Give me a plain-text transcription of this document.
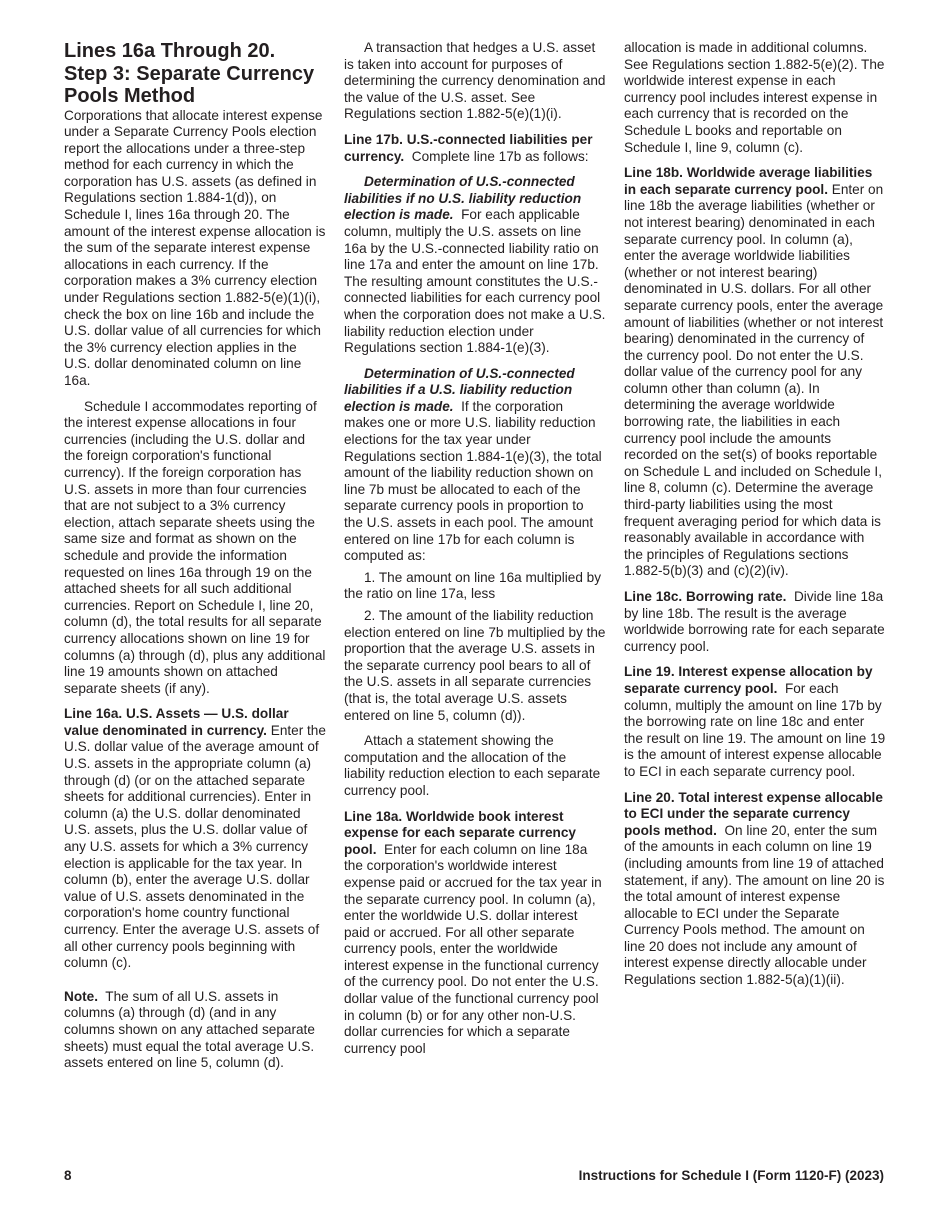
Lines 16a Through 20.
Step 3: Separate Currency Pools Method

Corporations that allocate interest expense under a Separate Currency Pools election report the allocations under a three-step method for each currency in which the corporation has U.S. assets (as defined in Regulations section 1.884-1(d)), on Schedule I, lines 16a through 20. The amount of the interest expense allocation is the sum of the separate interest expense allocations in each currency. If the corporation makes a 3% currency election under Regulations section 1.882-5(e)(1)(i), check the box on line 16b and include the U.S. dollar value of all currencies for which the 3% currency election applies in the U.S. dollar denominated column on line 16a.

Schedule I accommodates reporting of the interest expense allocations in four currencies (including the U.S. dollar and the foreign corporation's functional currency). If the foreign corporation has U.S. assets in more than four currencies that are not subject to a 3% currency election, attach separate sheets using the same size and format as shown on the schedule and provide the information requested on lines 16a through 19 on the attached sheets for all such additional currencies. Report on Schedule I, line 20, column (d), the total results for all separate currency allocations shown on line 19 for columns (a) through (d), plus any additional line 19 amounts shown on attached separate sheets (if any).

Line 16a. U.S. Assets — U.S. dollar value denominated in currency. Enter the U.S. dollar value of the average amount of U.S. assets in the appropriate column (a) through (d) (or on the attached separate sheets for additional currencies). Enter in column (a) the U.S. dollar denominated U.S. assets, plus the U.S. dollar value of any U.S. assets for which a 3% currency election is applicable for the tax year. In column (b), enter the average U.S. dollar value of U.S. assets denominated in the corporation's home country functional currency. Enter the average U.S. assets of all other currency pools beginning with column (c).

Note. The sum of all U.S. assets in columns (a) through (d) (and in any columns shown on any attached separate sheets) must equal the total average U.S. assets entered on line 5, column (d).

A transaction that hedges a U.S. asset is taken into account for purposes of determining the currency denomination and the value of the U.S. asset. See Regulations section 1.882-5(e)(1)(i).

Line 17b. U.S.-connected liabilities per currency. Complete line 17b as follows:

Determination of U.S.-connected liabilities if no U.S. liability reduction election is made. For each applicable column, multiply the U.S. assets on line 16a by the U.S.-connected liability ratio on line 17a and enter the amount on line 17b. The resulting amount constitutes the U.S.-connected liabilities for each currency pool when the corporation does not make a U.S. liability reduction election under Regulations section 1.884-1(e)(3).

Determination of U.S.-connected liabilities if a U.S. liability reduction election is made. If the corporation makes one or more U.S. liability reduction elections for the tax year under Regulations section 1.884-1(e)(3), the total amount of the liability reduction shown on line 7b must be allocated to each of the separate currency pools in proportion to the U.S. assets in each pool. The amount entered on line 17b for each column is computed as:

1. The amount on line 16a multiplied by the ratio on line 17a, less

2. The amount of the liability reduction election entered on line 7b multiplied by the proportion that the average U.S. assets in the separate currency pool bears to all of the U.S. assets in all separate currencies (that is, the total average U.S. assets entered on line 5, column (d)).

Attach a statement showing the computation and the allocation of the liability reduction election to each separate currency pool.

Line 18a. Worldwide book interest expense for each separate currency pool. Enter for each column on line 18a the corporation's worldwide interest expense paid or accrued for the tax year in the separate currency pool. In column (a), enter the worldwide U.S. dollar interest paid or accrued. For all other separate currency pools, enter the worldwide interest expense in the functional currency of the currency pool. Do not enter the U.S. dollar value of the functional currency pool in column (b) or for any other non-U.S. dollar currencies for which a separate currency pool

allocation is made in additional columns. See Regulations section 1.882-5(e)(2). The worldwide interest expense in each currency pool includes interest expense in each currency that is recorded on the Schedule L books and reportable on Schedule I, line 9, column (c).

Line 18b. Worldwide average liabilities in each separate currency pool. Enter on line 18b the average liabilities (whether or not interest bearing) denominated in each separate currency pool. In column (a), enter the average worldwide liabilities (whether or not interest bearing) denominated in U.S. dollars. For all other separate currency pools, enter the average amount of liabilities (whether or not interest bearing) denominated in the currency of the currency pool. Do not enter the U.S. dollar value of the currency pool for any column other than column (a). In determining the average worldwide borrowing rate, the liabilities in each currency pool include the amounts recorded on the set(s) of books reportable on Schedule L and included on Schedule I, line 8, column (c). Determine the average third-party liabilities using the most frequent averaging period for which data is reasonably available in accordance with the principles of Regulations sections 1.882-5(b)(3) and (c)(2)(iv).

Line 18c. Borrowing rate. Divide line 18a by line 18b. The result is the average worldwide borrowing rate for each separate currency pool.

Line 19. Interest expense allocation by separate currency pool. For each column, multiply the amount on line 17b by the borrowing rate on line 18c and enter the result on line 19. The amount on line 19 is the amount of interest expense allocable to ECI in each separate currency pool.

Line 20. Total interest expense allocable to ECI under the separate currency pools method. On line 20, enter the sum of the amounts in each column on line 19 (including amounts from line 19 of attached statement, if any). The amount on line 20 is the total amount of interest expense allocable to ECI under the Separate Currency Pools method. The amount on line 20 does not include any amount of interest expense directly allocable under Regulations section 1.882-5(a)(1)(ii).

8	Instructions for Schedule I (Form 1120-F) (2023)
